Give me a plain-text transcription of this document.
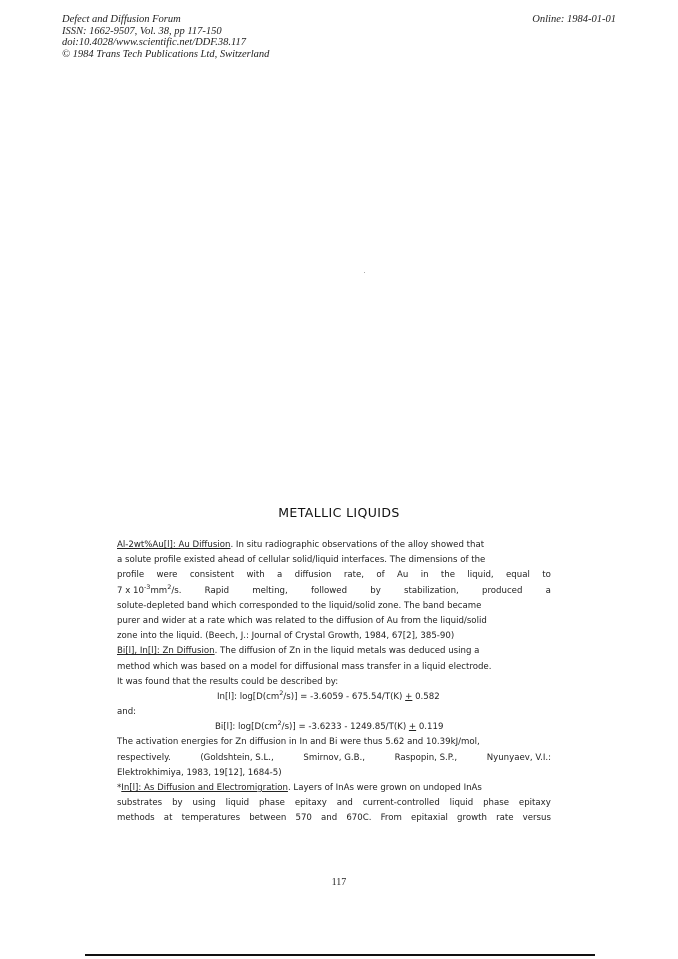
Defect and Diffusion Forum
ISSN: 1662-9507, Vol. 38, pp 117-150
doi:10.4028/www.scientific.net/DDF.38.117
© 1984 Trans Tech Publications Ltd, Switzerland
Online: 1984-01-01
METALLIC LIQUIDS
Al-2wt%Au[l]: Au Diffusion. In situ radiographic observations of the alloy showed that
a solute profile existed ahead of cellular solid/liquid interfaces. The dimensions of the
profile were consistent with a diffusion rate, of Au in the liquid, equal to
7 x $10^{-3}mm^2/s$.	Rapid	melting,	followed	by	stabilization,	produced	a
solute-depleted band which corresponded to the liquid/solid zone. The band became
purer and wider at a rate which was related to the diffusion of Au from the liquid/solid
zone into the liquid. (Beech, J.: Journal of Crystal Growth, 1984, 67[2], 385-90)
Bi[l], In[l]: Zn Diffusion. The diffusion of Zn in the liquid metals was deduced using a
method which was based on a model for diffusional mass transfer in a liquid electrode.
It was found that the results could be described by:
In[l]: $\log[D(cm^2/s)] = -3.6059 - 675.54/T(K) + 0.582$
and:
Bi[l]: $\log[D(cm^2/s)] = -3.6233 - 1249.85/T(K) + 0.119$
The activation energies for Zn diffusion in In and Bi were thus 5.62 and 10.39kJ/mol,
respectively.	(Goldshtein, S.L.,	Smirnov, G.B.,	Raspopin, S.P.,	Nyunyaev, V.I.:
Elektrokhimiya, 1983, 19[12], 1684-5)
*In[l]: As Diffusion and Electromigration. Layers of InAs were grown on undoped InAs
substrates by using liquid phase epitaxy and current-controlled liquid phase epitaxy
methods at temperatures between 570 and 670C. From epitaxial growth rate versus
117
